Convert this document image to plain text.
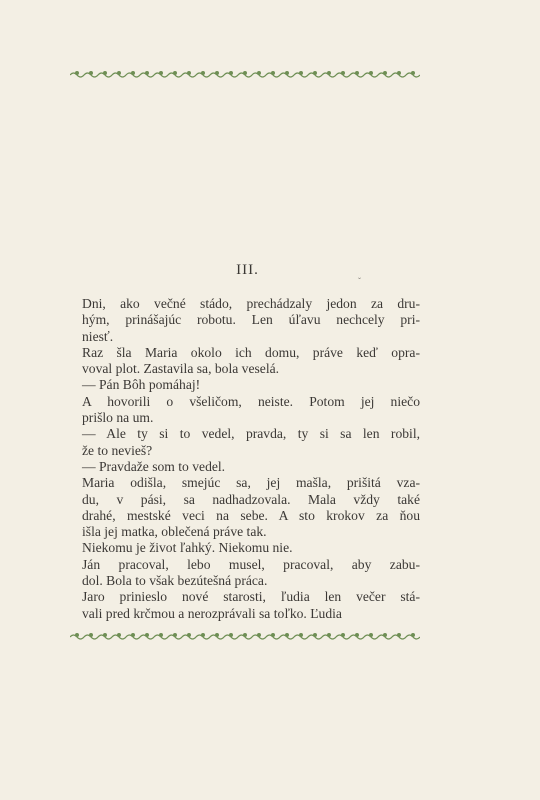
ˇ
III.

Dni, ako večné stádo, prechádzaly jedon za dru-
hým, prinášajúc robotu. Len úľavu nechcely pri-
niesť.

Raz šla Maria okolo ich domu, práve keď opra-
voval plot. Zastavila sa, bola veselá.

— Pán Bôh pomáhaj!

A hovorili o všeličom, neiste. Potom jej niečo
prišlo na um.

— Ale ty si to vedel, pravda, ty si sa len robil,
že to nevieš?

— Pravdaže som to vedel.

Maria odišla, smejúc sa, jej mašla, prišitá vza-
du, v pási, sa nadhadzovala. Mala vždy také
drahé, mestské veci na sebe. A sto krokov za ňou
išla jej matka, oblečená práve tak.

Niekomu je život ľahký. Niekomu nie.

Ján pracoval, lebo musel, pracoval, aby zabu-
dol. Bola to však bezútešná práca.

Jaro prinieslo nové starosti, ľudia len večer stá-
vali pred krčmou a nerozprávali sa toľko. Ľudia
